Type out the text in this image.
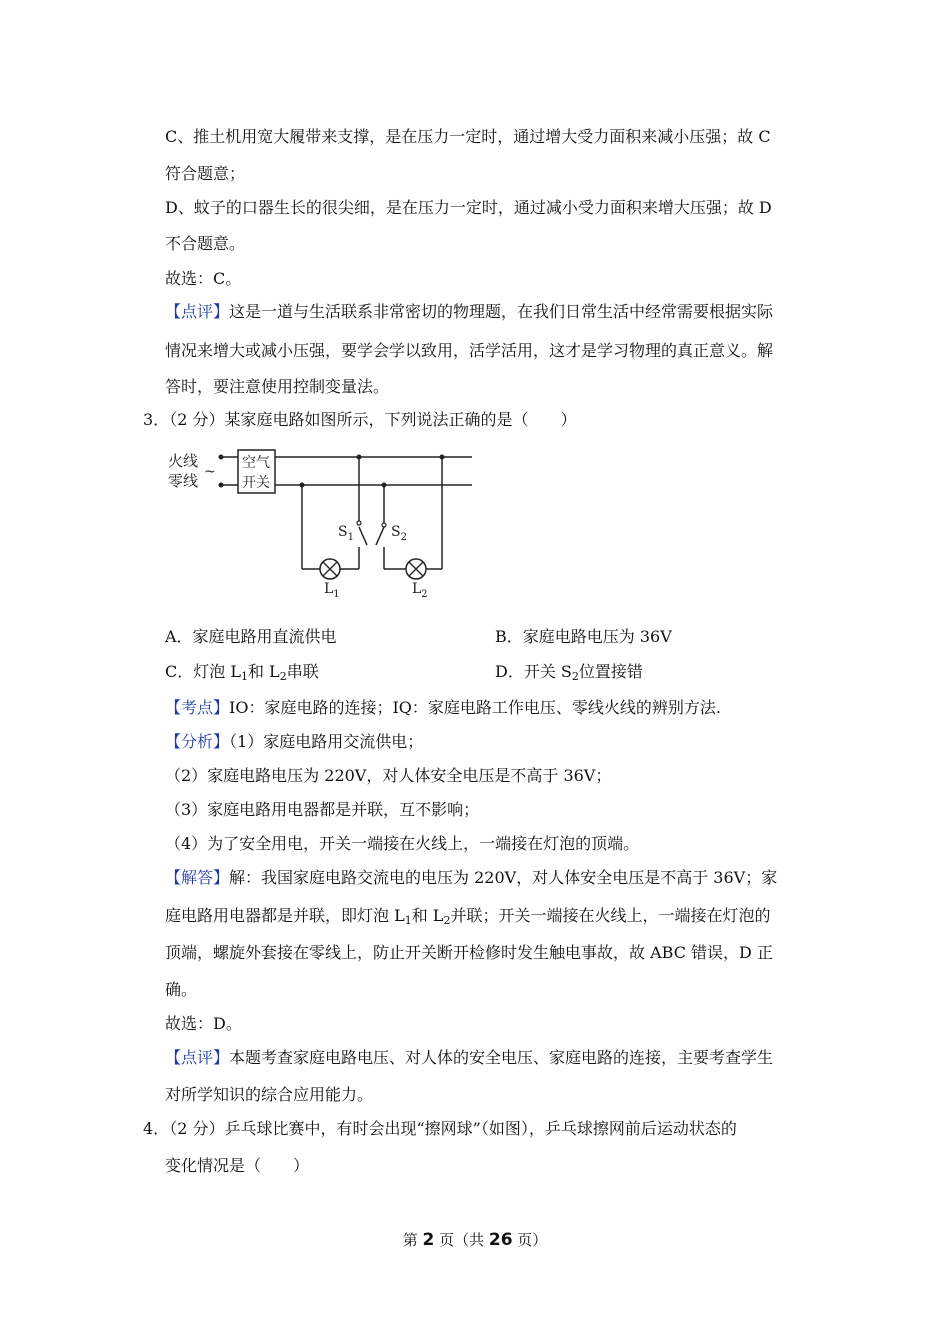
C、推土机用宽大履带来支撑，是在压力一定时，通过增大受力面积来减小压强；故 C
符合题意；
D、蚊子的口器生长的很尖细，是在压力一定时，通过减小受力面积来增大压强；故 D
不合题意。
故选：C。
【点评】这是一道与生活联系非常密切的物理题，在我们日常生活中经常需要根据实际
情况来增大或减小压强，要学会学以致用，活学活用，这才是学习物理的真正意义。解
答时，要注意使用控制变量法。
3．（2 分）某家庭电路如图所示，下列说法正确的是（　　）
火线
零线 ~
空气
开关
$S_1$	$S_2$
$L_1$	$L_2$
A．家庭电路用直流供电	B．家庭电路电压为 36V
C．灯泡 $L_1$和 $L_2$串联	D．开关 $S_2$位置接错
【考点】IO：家庭电路的连接；IQ：家庭电路工作电压、零线火线的辨别方法.
【分析】（1）家庭电路用交流供电；
（2）家庭电路电压为 220V，对人体安全电压是不高于 36V；
（3）家庭电路用电器都是并联，互不影响；
（4）为了安全用电，开关一端接在火线上，一端接在灯泡的顶端。
【解答】解：我国家庭电路交流电的电压为 220V，对人体安全电压是不高于 36V；家
庭电路用电器都是并联，即灯泡 $L_1$和 $L_2$并联；开关一端接在火线上，一端接在灯泡的
顶端，螺旋外套接在零线上，防止开关断开检修时发生触电事故，故 ABC 错误，D 正
确。
故选：D。
【点评】本题考查家庭电路电压、对人体的安全电压、家庭电路的连接，主要考查学生
对所学知识的综合应用能力。
4．（2 分）乒乓球比赛中，有时会出现“擦网球”（如图），乒乓球擦网前后运动状态的
变化情况是（　　）
第 2 页（共 26 页）
